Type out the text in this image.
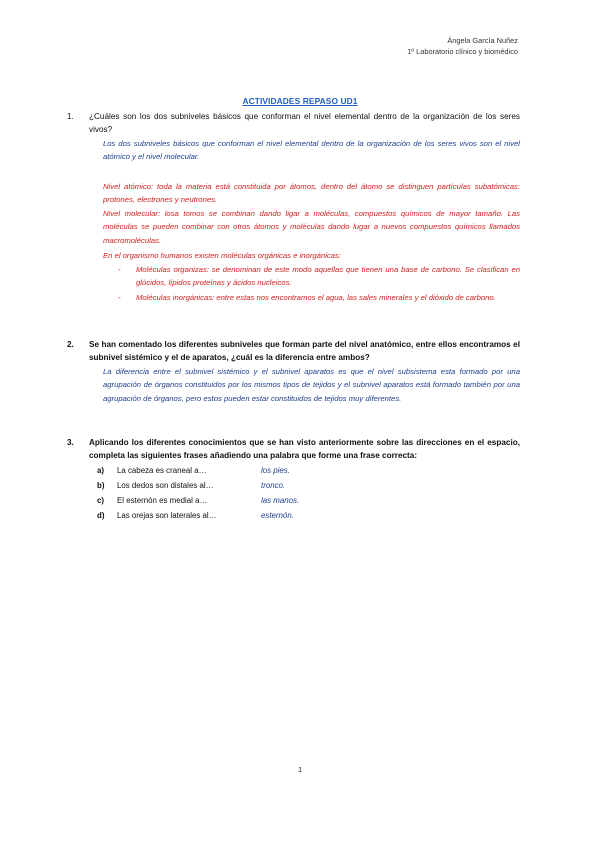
Ángela García Nuñez
1º Laboratorio clínico y biomédico
ACTIVIDADES REPASO UD1
1. ¿Cuáles son los dos subniveles básicos que conforman el nivel elemental dentro de la organización de los seres vivos?
Los dos subniveles básicos que conforman el nivel elemental dentro de la organización de los seres vivos son el nivel atómico y el nivel molecular.
Nivel atómico: toda la materia está constituida por átomos, dentro del átomo se distinguen partículas subatómicas: protones, electrones y neutrones.
Nivel molecular: losa tomos se combinan dando ligar a moléculas, compuestos químicos de mayor tamaño. Las moléculas se pueden combinar con otros átomos y moléculas dando lugar a nuevos compuestos químicos llamados macromoléculas.
En el organismo humanos existen moléculas orgánicas e inorgánicas:
- Moléculas organizas: se denominan de este modo aquellas que tienen una base de carbono. Se clasifican en glúcidos, lípidos proteínas y ácidos nucleicos.
- Moléculas inorgánicas: entre estas nos encontramos el agua, las sales minerales y el dióxido de carbono.
2. Se han comentado los diferentes subniveles que forman parte del nivel anatómico, entre ellos encontramos el subnivel sistémico y el de aparatos, ¿cuál es la diferencia entre ambos?
La diferencia entre el subnivel sistémico y el subnivel aparatos es que el nivel subsistema esta formado por una agrupación de órganos constituidos por los mismos tipos de tejidos y el subnivel aparatos está formado también por una agrupación de órganos, pero estos pueden estar constituidos de tejidos muy diferentes.
3. Aplicando los diferentes conocimientos que se han visto anteriormente sobre las direcciones en el espacio, completa las siguientes frases añadiendo una palabra que forme una frase correcta:
a) La cabeza es craneal a…	los pies.
b) Los dedos son distales al…	tronco.
c) El esternón es medial a…	las manos.
d) Las orejas son laterales al…	esternón.
1
